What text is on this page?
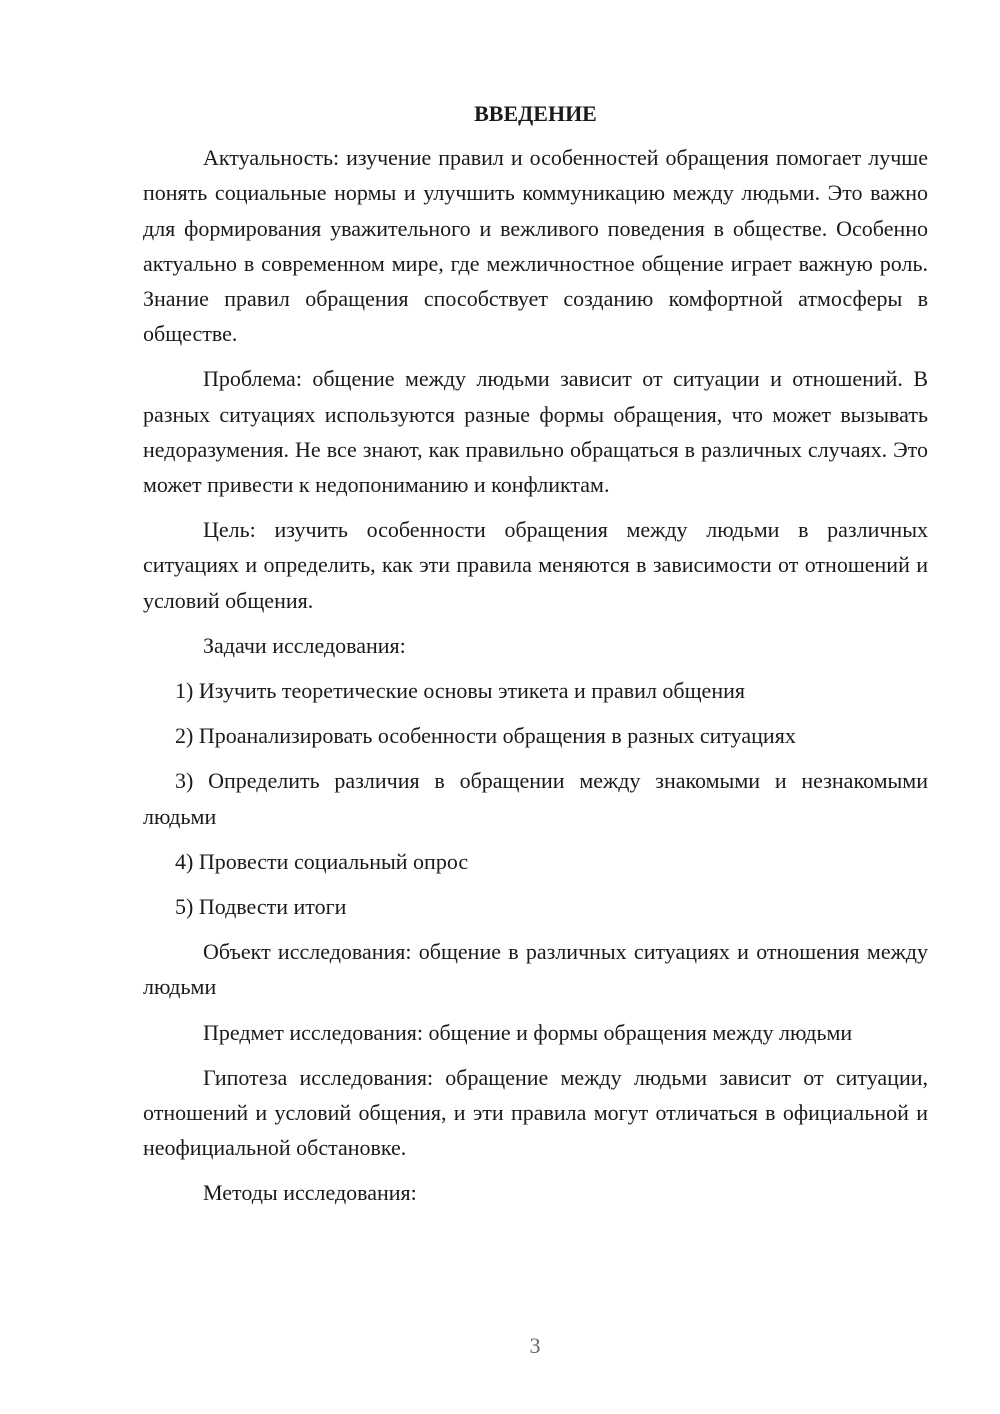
ВВЕДЕНИЕ

Актуальность: изучение правил и особенностей обращения помогает лучше понять социальные нормы и улучшить коммуникацию между людьми. Это важно для формирования уважительного и вежливого поведения в обществе. Особенно актуально в современном мире, где межличностное общение играет важную роль. Знание правил обращения способствует созданию комфортной атмосферы в обществе.

Проблема: общение между людьми зависит от ситуации и отношений. В разных ситуациях используются разные формы обращения, что может вызывать недоразумения. Не все знают, как правильно обращаться в различных случаях. Это может привести к недопониманию и конфликтам.

Цель: изучить особенности обращения между людьми в различных ситуациях и определить, как эти правила меняются в зависимости от отношений и условий общения.

Задачи исследования:

1) Изучить теоретические основы этикета и правил общения

2) Проанализировать особенности обращения в разных ситуациях

3) Определить различия в обращении между знакомыми и незнакомыми людьми

4) Провести социальный опрос

5) Подвести итоги

Объект исследования: общение в различных ситуациях и отношения между людьми

Предмет исследования: общение и формы обращения между людьми

Гипотеза исследования: обращение между людьми зависит от ситуации, отношений и условий общения, и эти правила могут отличаться в официальной и неофициальной обстановке.

Методы исследования:

3
